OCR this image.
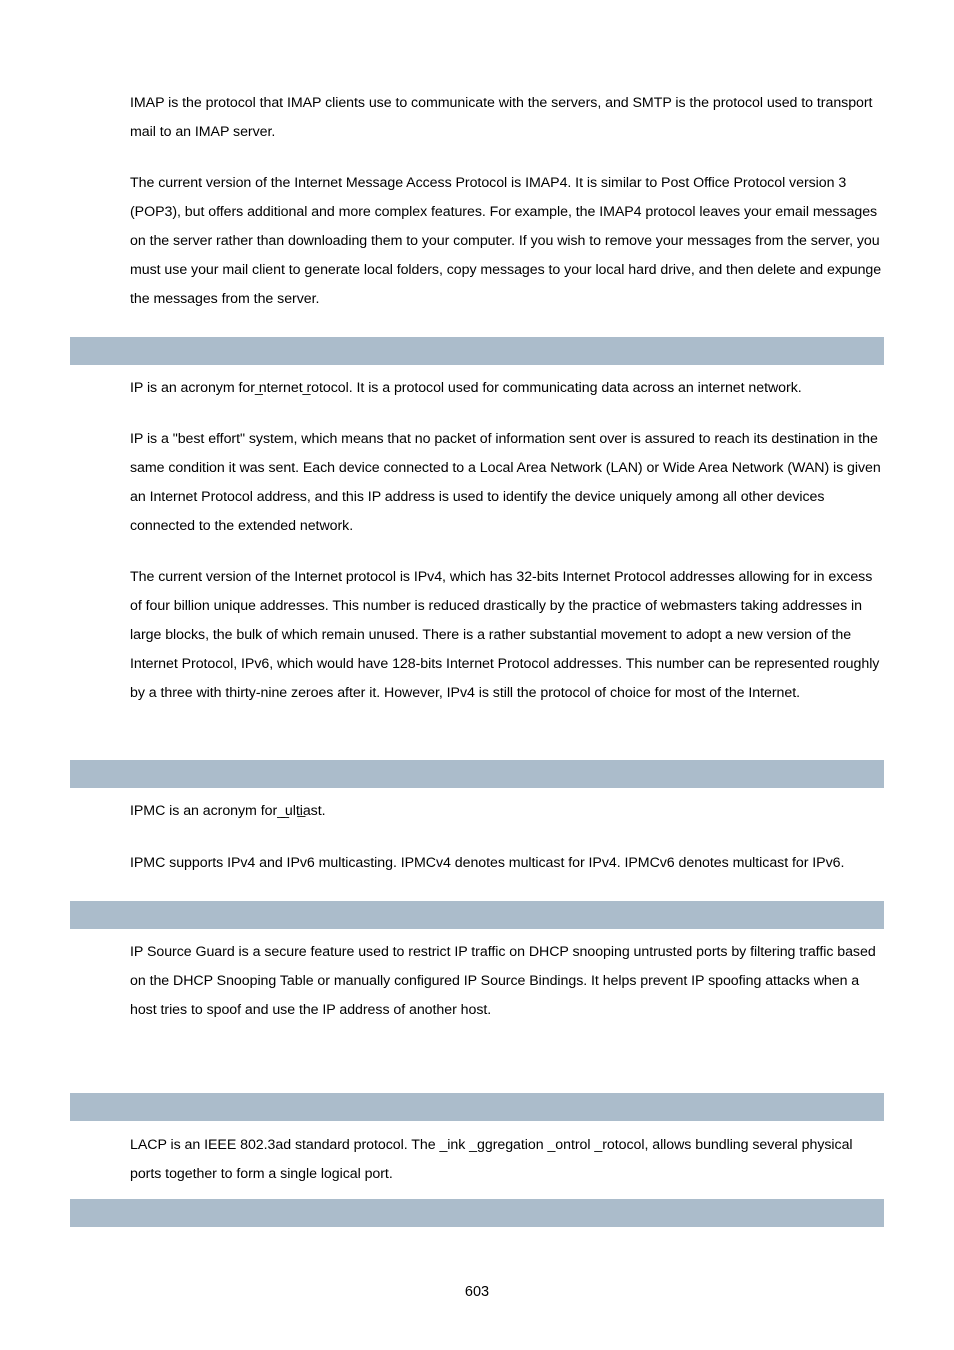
IMAP is the protocol that IMAP clients use to communicate with the servers, and SMTP is the protocol used to transport mail to an IMAP server.

The current version of the Internet Message Access Protocol is IMAP4. It is similar to Post Office Protocol version 3 (POP3), but offers additional and more complex features. For example, the IMAP4 protocol leaves your email messages on the server rather than downloading them to your computer. If you wish to remove your messages from the server, you must use your mail client to generate local folders, copy messages to your local hard drive, and then delete and expunge the messages from the server.

IP is an acronym for ̲nternet ̲rotocol. It is a protocol used for communicating data across an internet network.

IP is a "best effort" system, which means that no packet of information sent over is assured to reach its destination in the same condition it was sent. Each device connected to a Local Area Network (LAN) or Wide Area Network (WAN) is given an Internet Protocol address, and this IP address is used to identify the device uniquely among all other devices connected to the extended network.

The current version of the Internet protocol is IPv4, which has 32-bits Internet Protocol addresses allowing for in excess of four billion unique addresses. This number is reduced drastically by the practice of webmasters taking addresses in large blocks, the bulk of which remain unused. There is a rather substantial movement to adopt a new version of the Internet Protocol, IPv6, which would have 128-bits Internet Protocol addresses. This number can be represented roughly by a three with thirty-nine zeroes after it. However, IPv4 is still the protocol of choice for most of the Internet.

IPMC is an acronym for ̲ ̲ulti̲ast.

IPMC supports IPv4 and IPv6 multicasting. IPMCv4 denotes multicast for IPv4. IPMCv6 denotes multicast for IPv6.

IP Source Guard is a secure feature used to restrict IP traffic on DHCP snooping untrusted ports by filtering traffic based on the DHCP Snooping Table or manually configured IP Source Bindings. It helps prevent IP spoofing attacks when a host tries to spoof and use the IP address of another host.

LACP is an IEEE 802.3ad standard protocol. The _ink _ggregation _ontrol _rotocol, allows bundling several physical ports together to form a single logical port.

603
